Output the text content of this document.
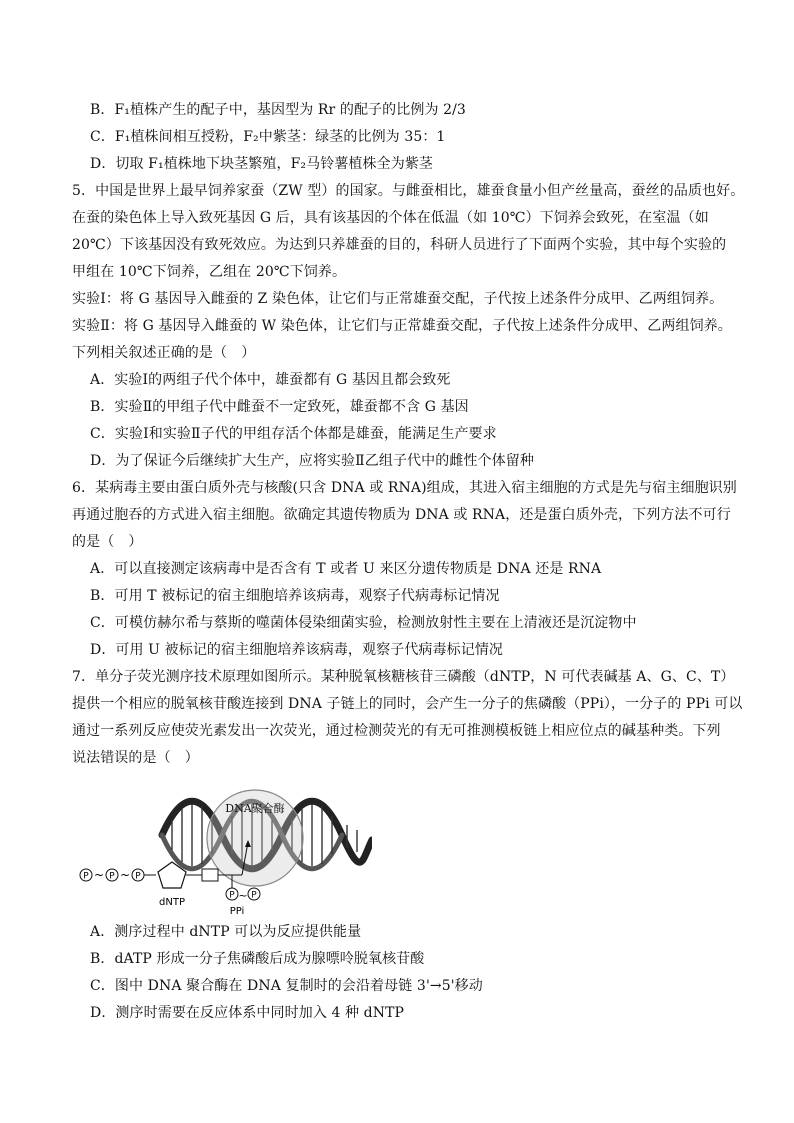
B．F₁植株产生的配子中，基因型为 Rr 的配子的比例为 2/3
C．F₁植株间相互授粉，F₂中紫茎：绿茎的比例为 35：1
D．切取 F₁植株地下块茎繁殖，F₂马铃薯植株全为紫茎
5．中国是世界上最早饲养家蚕（ZW 型）的国家。与雌蚕相比，雄蚕食量小但产丝量高，蚕丝的品质也好。
在蚕的染色体上导入致死基因 G 后，具有该基因的个体在低温（如 10℃）下饲养会致死，在室温（如
20℃）下该基因没有致死效应。为达到只养雄蚕的目的，科研人员进行了下面两个实验，其中每个实验的
甲组在 10℃下饲养，乙组在 20℃下饲养。
实验Ⅰ：将 G 基因导入雌蚕的 Z 染色体，让它们与正常雄蚕交配，子代按上述条件分成甲、乙两组饲养。
实验Ⅱ：将 G 基因导入雌蚕的 W 染色体，让它们与正常雄蚕交配，子代按上述条件分成甲、乙两组饲养。
下列相关叙述正确的是（　）
A．实验Ⅰ的两组子代个体中，雄蚕都有 G 基因且都会致死
B．实验Ⅱ的甲组子代中雌蚕不一定致死，雄蚕都不含 G 基因
C．实验Ⅰ和实验Ⅱ子代的甲组存活个体都是雄蚕，能满足生产要求
D．为了保证今后继续扩大生产，应将实验Ⅱ乙组子代中的雌性个体留种
6．某病毒主要由蛋白质外壳与核酸(只含 DNA 或 RNA)组成，其进入宿主细胞的方式是先与宿主细胞识别
再通过胞吞的方式进入宿主细胞。欲确定其遗传物质为 DNA 或 RNA，还是蛋白质外壳，下列方法不可行
的是（　）
A．可以直接测定该病毒中是否含有 T 或者 U 来区分遗传物质是 DNA 还是 RNA
B．可用 T 被标记的宿主细胞培养该病毒，观察子代病毒标记情况
C．可模仿赫尔希与蔡斯的噬菌体侵染细菌实验，检测放射性主要在上清液还是沉淀物中
D．可用 U 被标记的宿主细胞培养该病毒，观察子代病毒标记情况
7．单分子荧光测序技术原理如图所示。某种脱氧核糖核苷三磷酸（dNTP，N 可代表碱基 A、G、C、T）
提供一个相应的脱氧核苷酸连接到 DNA 子链上的同时，会产生一分子的焦磷酸（PPi），一分子的 PPi 可以
通过一系列反应使荧光素发出一次荧光，通过检测荧光的有无可推测模板链上相应位点的碱基种类。下列
说法错误的是（　）
DNA聚合酶
P ~ P ~ P
dNTP
P ~ P
PPi
A．测序过程中 dNTP 可以为反应提供能量
B．dATP 形成一分子焦磷酸后成为腺嘌呤脱氧核苷酸
C．图中 DNA 聚合酶在 DNA 复制时的会沿着母链 3'→5'移动
D．测序时需要在反应体系中同时加入 4 种 dNTP
